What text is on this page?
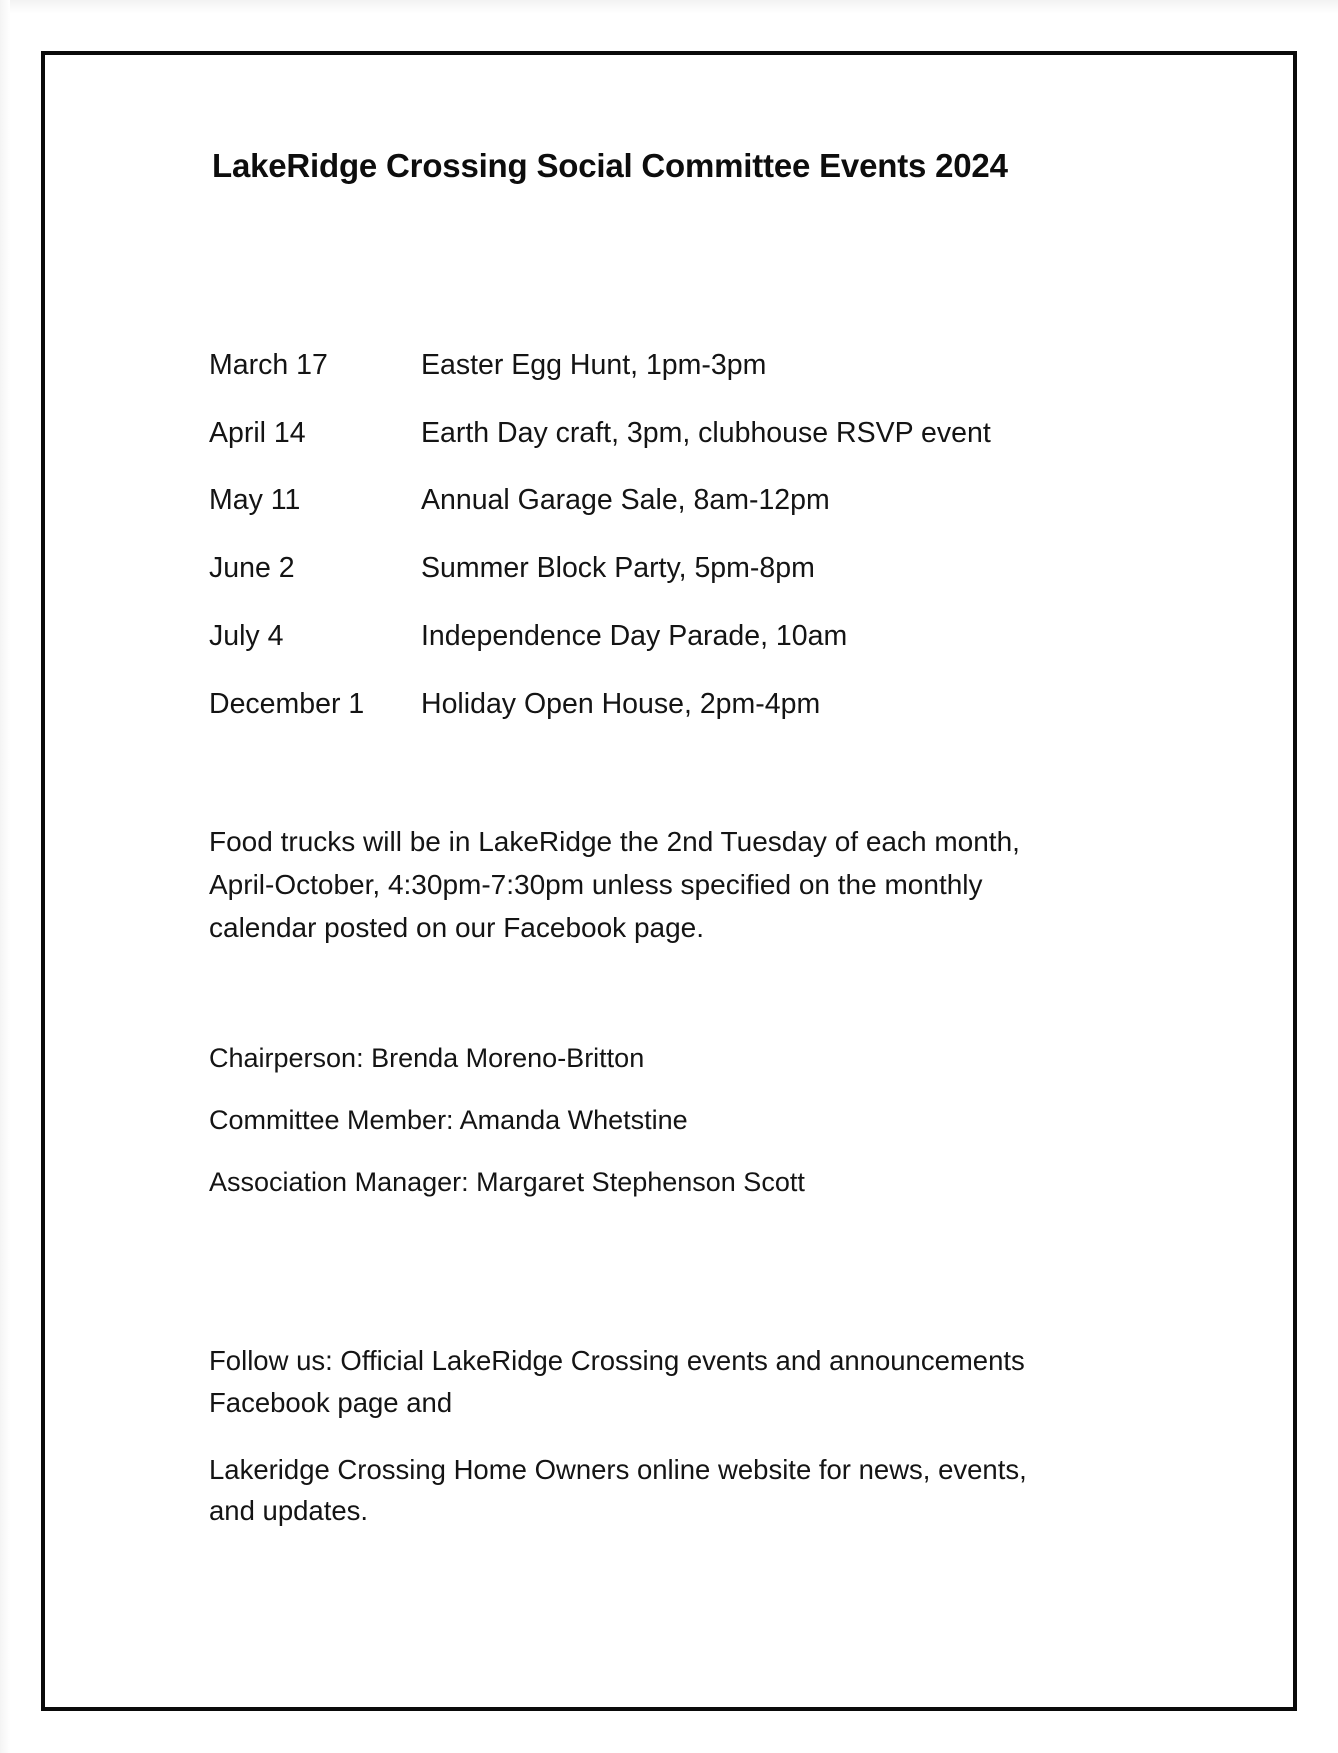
LakeRidge Crossing Social Committee Events 2024
March 17	Easter Egg Hunt, 1pm-3pm
April 14	Earth Day craft, 3pm, clubhouse RSVP event
May 11	Annual Garage Sale, 8am-12pm
June 2	Summer Block Party, 5pm-8pm
July 4	Independence Day Parade, 10am
December 1	Holiday Open House, 2pm-4pm

Food trucks will be in LakeRidge the 2nd Tuesday of each month, April-October, 4:30pm-7:30pm unless specified on the monthly calendar posted on our Facebook page.

Chairperson: Brenda Moreno-Britton

Committee Member: Amanda Whetstine

Association Manager: Margaret Stephenson Scott

Follow us: Official LakeRidge Crossing events and announcements Facebook page and

Lakeridge Crossing Home Owners online website for news, events, and updates.
